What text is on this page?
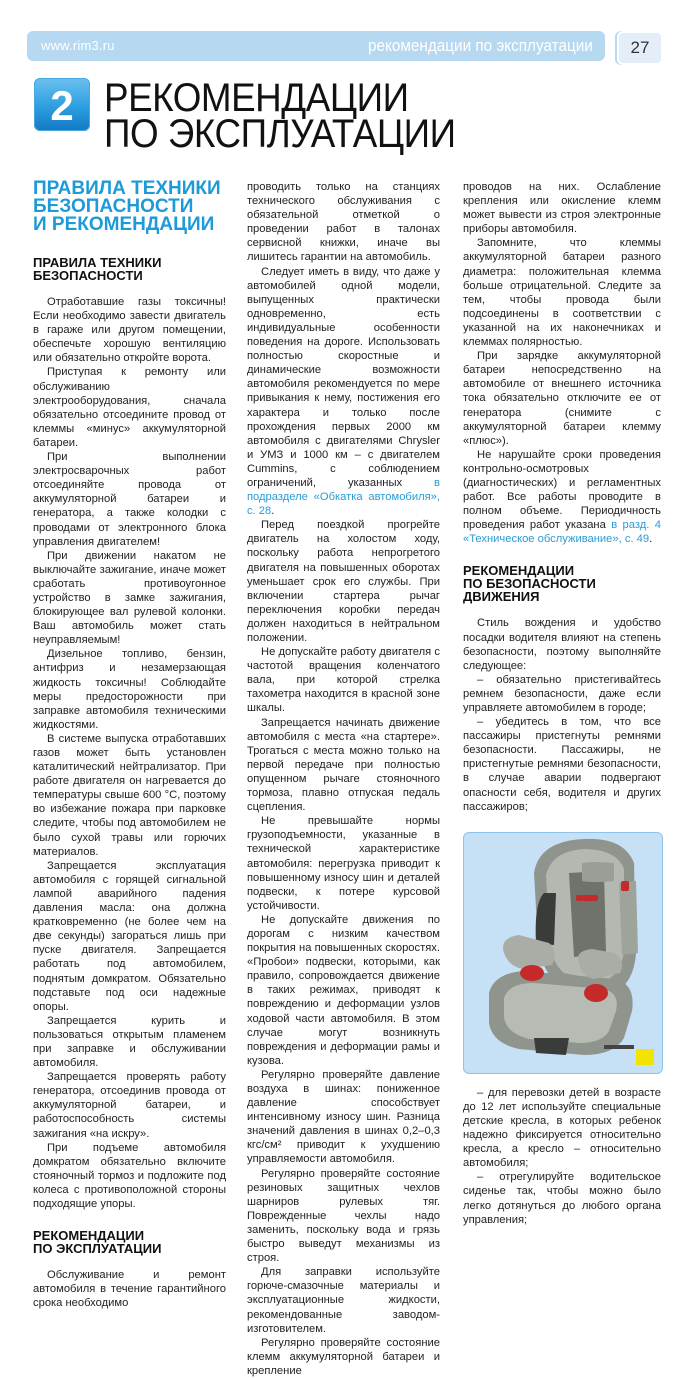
www.rim3.ru	рекомендации по эксплуатации	27
2 РЕКОМЕНДАЦИИ
ПО ЭКСПЛУАТАЦИИ
ПРАВИЛА ТЕХНИКИ
БЕЗОПАСНОСТИ
И РЕКОМЕНДАЦИИ
ПРАВИЛА ТЕХНИКИ
БЕЗОПАСНОСТИ

Отработавшие газы токсичны! Если необходимо завести двигатель в гараже или другом помещении, обеспечьте хорошую вентиляцию или обязательно откройте ворота.

Приступая к ремонту или обслуживанию электрооборудования, сначала обязательно отсоедините провод от клеммы «минус» аккумуляторной батареи.

При выполнении электросварочных работ отсоединяйте провода от аккумуляторной батареи и генератора, а также колодки с проводами от электронного блока управления двигателем!

При движении накатом не выключайте зажигание, иначе может сработать противоугонное устройство в замке зажигания, блокирующее вал рулевой колонки. Ваш автомобиль может стать неуправляемым!

Дизельное топливо, бензин, антифриз и незамерзающая жидкость токсичны! Соблюдайте меры предосторожности при заправке автомобиля техническими жидкостями.

В системе выпуска отработавших газов может быть установлен каталитический нейтрализатор. При работе двигателя он нагревается до температуры свыше 600 °С, поэтому во избежание пожара при парковке следите, чтобы под автомобилем не было сухой травы или горючих материалов.

Запрещается эксплуатация автомобиля с горящей сигнальной лампой аварийного падения давления масла: она должна кратковременно (не более чем на две секунды) загораться лишь при пуске двигателя. Запрещается работать под автомобилем, поднятым домкратом. Обязательно подставьте под оси надежные опоры.

Запрещается курить и пользоваться открытым пламенем при заправке и обслуживании автомобиля.

Запрещается проверять работу генератора, отсоединив провода от аккумуляторной батареи, и работоспособность системы зажигания «на искру».

При подъеме автомобиля домкратом обязательно включите стояночный тормоз и подложите под колеса с противоположной стороны подходящие упоры.

РЕКОМЕНДАЦИИ
ПО ЭКСПЛУАТАЦИИ

Обслуживание и ремонт автомобиля в течение гарантийного срока необходимо

проводить только на станциях технического обслуживания с обязательной отметкой о проведении работ в талонах сервисной книжки, иначе вы лишитесь гарантии на автомобиль.

Следует иметь в виду, что даже у автомобилей одной модели, выпущенных практически одновременно, есть индивидуальные особенности поведения на дороге. Использовать полностью скоростные и динамические возможности автомобиля рекомендуется по мере привыкания к нему, постижения его характера и только после прохождения первых 2000 км автомобиля с двигателями Chrysler и УМЗ и 1000 км – с двигателем Cummins, с соблюдением ограничений, указанных в подразделе «Обкатка автомобиля», с. 28.

Перед поездкой прогрейте двигатель на холостом ходу, поскольку работа непрогретого двигателя на повышенных оборотах уменьшает срок его службы. При включении стартера рычаг переключения коробки передач должен находиться в нейтральном положении.

Не допускайте работу двигателя с частотой вращения коленчатого вала, при которой стрелка тахометра находится в красной зоне шкалы.

Запрещается начинать движение автомобиля с места «на стартере». Трогаться с места можно только на первой передаче при полностью опущенном рычаге стояночного тормоза, плавно отпуская педаль сцепления.

Не превышайте нормы грузоподъемности, указанные в технической характеристике автомобиля: перегрузка приводит к повышенному износу шин и деталей подвески, к потере курсовой устойчивости.

Не допускайте движения по дорогам с низким качеством покрытия на повышенных скоростях. «Пробои» подвески, которыми, как правило, сопровождается движение в таких режимах, приводят к повреждению и деформации узлов ходовой части автомобиля. В этом случае могут возникнуть повреждения и деформации рамы и кузова.

Регулярно проверяйте давление воздуха в шинах: пониженное давление способствует интенсивному износу шин. Разница значений давления в шинах 0,2–0,3 кгс/см² приводит к ухудшению управляемости автомобиля.

Регулярно проверяйте состояние резиновых защитных чехлов шарниров рулевых тяг. Поврежденные чехлы надо заменить, поскольку вода и грязь быстро выведут механизмы из строя.

Для заправки используйте горюче-смазочные материалы и эксплуатационные жидкости, рекомендованные заводом-изготовителем.

Регулярно проверяйте состояние клемм аккумуляторной батареи и крепление

проводов на них. Ослабление крепления или окисление клемм может вывести из строя электронные приборы автомобиля.

Запомните, что клеммы аккумуляторной батареи разного диаметра: положительная клемма больше отрицательной. Следите за тем, чтобы провода были подсоединены в соответствии с указанной на их наконечниках и клеммах полярностью.

При зарядке аккумуляторной батареи непосредственно на автомобиле от внешнего источника тока обязательно отключите ее от генератора (снимите с аккумуляторной батареи клемму «плюс»).

Не нарушайте сроки проведения контрольно-осмотровых (диагностических) и регламентных работ. Все работы проводите в полном объеме. Периодичность проведения работ указана в разд. 4 «Техническое обслуживание», с. 49.

РЕКОМЕНДАЦИИ
ПО БЕЗОПАСНОСТИ ДВИЖЕНИЯ

Стиль вождения и удобство посадки водителя влияют на степень безопасности, поэтому выполняйте следующее:

– обязательно пристегивайтесь ремнем безопасности, даже если управляете автомобилем в городе;

– убедитесь в том, что все пассажиры пристегнуты ремнями безопасности. Пассажиры, не пристегнутые ремнями безопасности, в случае аварии подвергают опасности себя, водителя и других пассажиров;

– для перевозки детей в возрасте до 12 лет используйте специальные детские кресла, в которых ребенок надежно фиксируется относительно кресла, а кресло – относительно автомобиля;

– отрегулируйте водительское сиденье так, чтобы можно было легко дотянуться до любого органа управления;
